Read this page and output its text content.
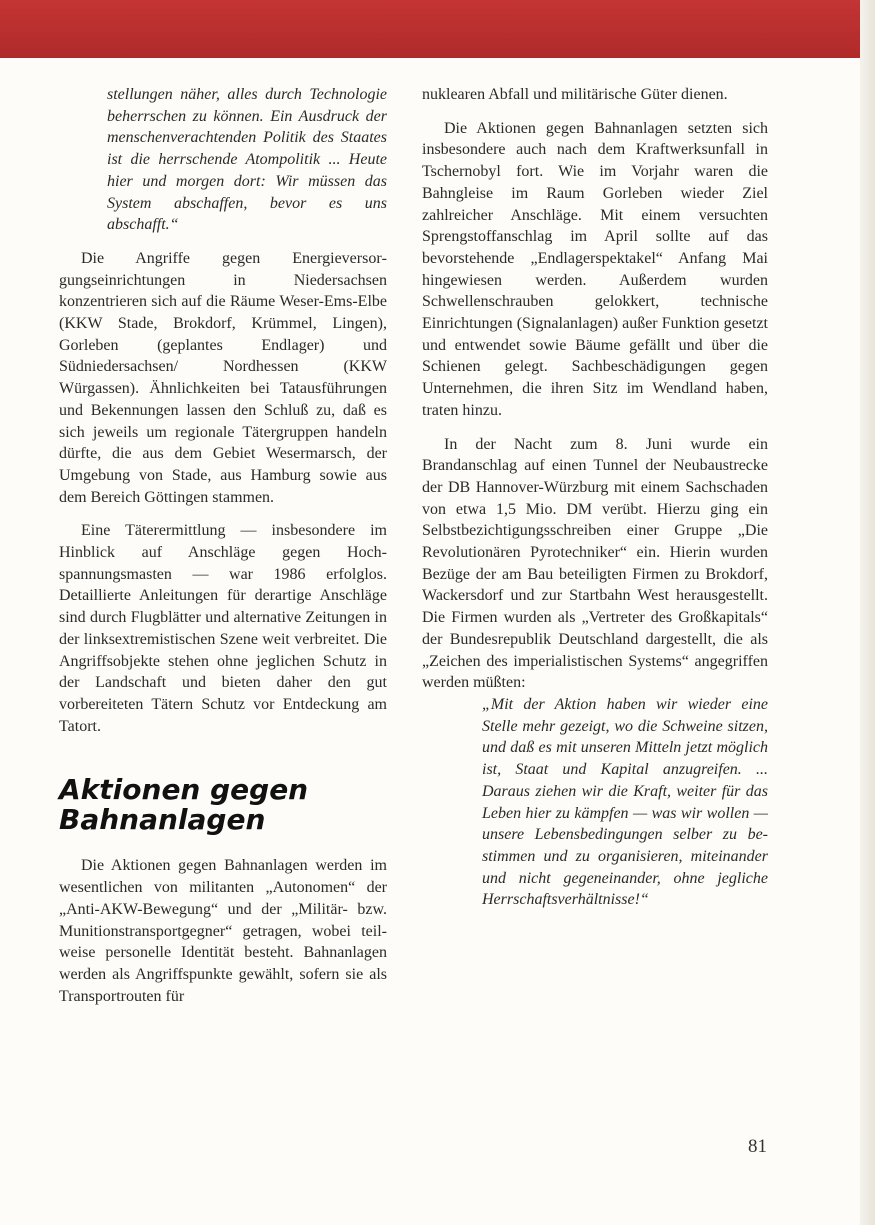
stellungen näher, alles durch Technologie beherrschen zu können. Ein Ausdruck der menschenverachtenden Politik des Staates ist die herrschende Atompolitik ... Heute hier und morgen dort: Wir müssen das System abschaffen, bevor es uns abschafft.“

Die Angriffe gegen Energieversorgungseinrichtungen in Niedersachsen konzentrieren sich auf die Räume Weser-Ems-Elbe (KKW Stade, Brokdorf, Krümmel, Lingen), Gorleben (geplantes Endlager) und Südniedersachsen/ Nordhessen (KKW Würgassen). Ähnlichkeiten bei Tatausführungen und Bekennungen lassen den Schluß zu, daß es sich jeweils um regionale Tätergruppen handeln dürfte, die aus dem Gebiet Wesermarsch, der Umgebung von Stade, aus Hamburg sowie aus dem Bereich Göttingen stammen.

Eine Täterermittlung — insbesondere im Hinblick auf Anschläge gegen Hochspannungsmasten — war 1986 erfolglos. Detaillierte Anleitungen für derartige Anschläge sind durch Flugblätter und alternative Zeitungen in der linksextremistischen Szene weit verbreitet. Die Angriffsobjekte stehen ohne jeglichen Schutz in der Landschaft und bieten daher den gut vorbereiteten Tätern Schutz vor Entdeckung am Tatort.

Aktionen gegen
Bahnanlagen

Die Aktionen gegen Bahnanlagen werden im wesentlichen von militanten „Autonomen“ der „Anti-AKW-Bewegung“ und der „Militär- bzw. Munitionstransportgegner“ getragen, wobei teilweise personelle Identität besteht. Bahnanlagen werden als Angriffspunkte gewählt, sofern sie als Transportrouten für

nuklearen Abfall und militärische Güter dienen.

Die Aktionen gegen Bahnanlagen setzten sich insbesondere auch nach dem Kraftwerksunfall in Tschernobyl fort. Wie im Vorjahr waren die Bahngleise im Raum Gorleben wieder Ziel zahlreicher Anschläge. Mit einem versuchten Sprengstoffanschlag im April sollte auf das bevorstehende „Endlagerspektakel“ Anfang Mai hingewiesen werden. Außerdem wurden Schwellenschrauben gelokkert, technische Einrichtungen (Signalanlagen) außer Funktion gesetzt und entwendet sowie Bäume gefällt und über die Schienen gelegt. Sachbeschädigungen gegen Unternehmen, die ihren Sitz im Wendland haben, traten hinzu.

In der Nacht zum 8. Juni wurde ein Brandanschlag auf einen Tunnel der Neubaustrecke der DB Hannover-Würzburg mit einem Sachschaden von etwa 1,5 Mio. DM verübt. Hierzu ging ein Selbstbezichtigungsschreiben einer Gruppe „Die Revolutionären Pyrotechniker“ ein. Hierin wurden Bezüge der am Bau beteiligten Firmen zu Brokdorf, Wackersdorf und zur Startbahn West herausgestellt. Die Firmen wurden als „Vertreter des Großkapitals“ der Bundesrepublik Deutschland dargestellt, die als „Zeichen des imperialistischen Systems“ angegriffen werden müßten:

„Mit der Aktion haben wir wieder eine Stelle mehr gezeigt, wo die Schweine sitzen, und daß es mit unseren Mitteln jetzt möglich ist, Staat und Kapital anzugreifen. ... Daraus ziehen wir die Kraft, weiter für das Leben hier zu kämpfen — was wir wollen — unsere Lebensbedingungen selber zu bestimmen und zu organisieren, miteinander und nicht gegeneinander, ohne jegliche Herrschaftsverhältnisse!“

81
